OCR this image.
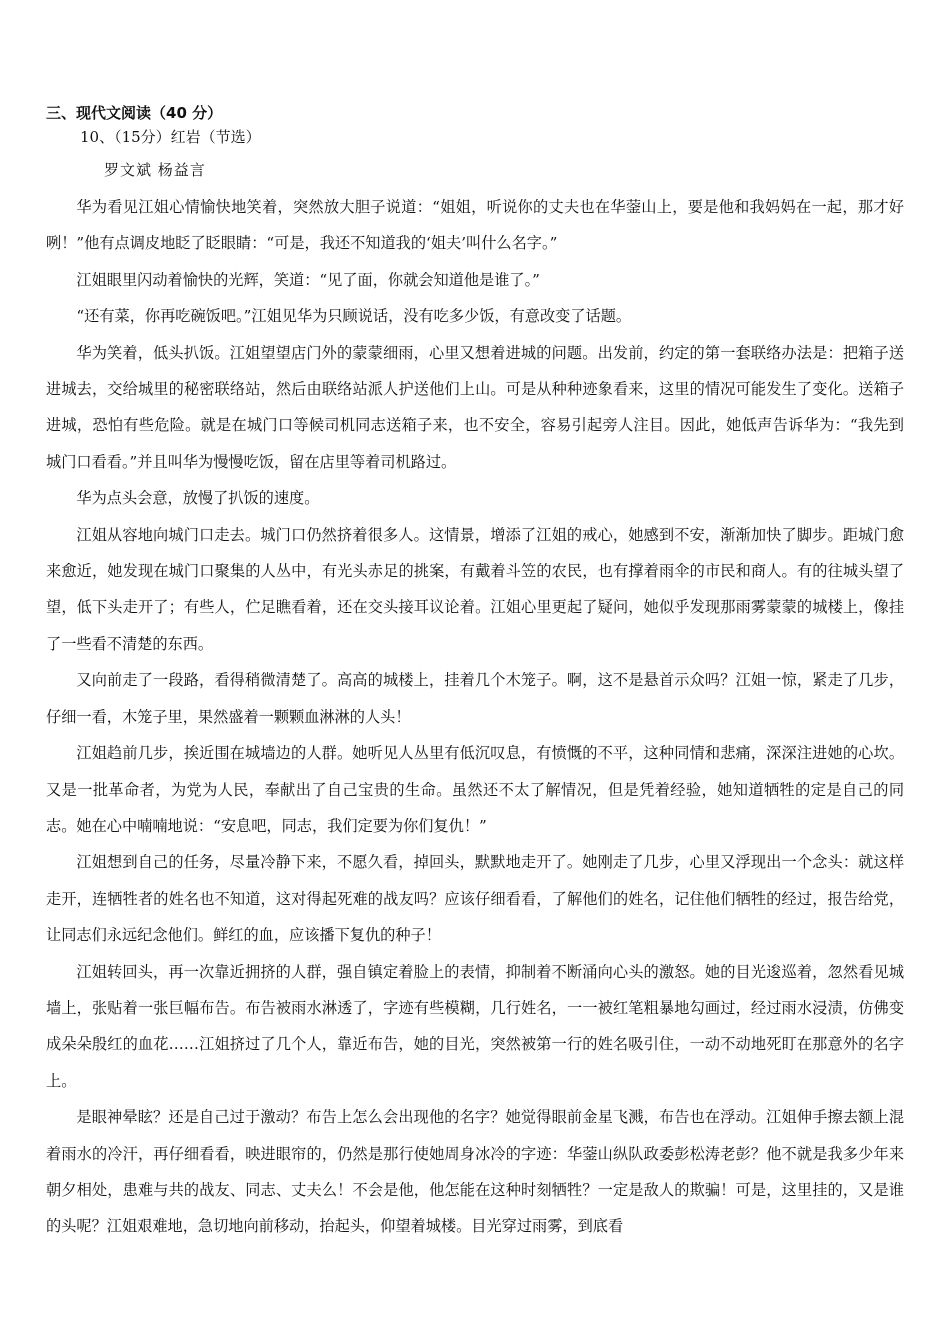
三、现代文阅读（40 分）
10、（15分）红岩（节选）
罗文斌 杨益言

华为看见江姐心情愉快地笑着，突然放大胆子说道：“姐姐，听说你的丈夫也在华蓥山上，要是他和我妈妈在一起，那才好咧！”他有点调皮地眨了眨眼睛：“可是，我还不知道我的‘姐夫’叫什么名字。”

江姐眼里闪动着愉快的光辉，笑道：“见了面，你就会知道他是谁了。”

“还有菜，你再吃碗饭吧。”江姐见华为只顾说话，没有吃多少饭，有意改变了话题。

华为笑着，低头扒饭。江姐望望店门外的蒙蒙细雨，心里又想着进城的问题。出发前，约定的第一套联络办法是：把箱子送进城去，交给城里的秘密联络站，然后由联络站派人护送他们上山。可是从种种迹象看来，这里的情况可能发生了变化。送箱子进城，恐怕有些危险。就是在城门口等候司机同志送箱子来，也不安全，容易引起旁人注目。因此，她低声告诉华为：“我先到城门口看看。”并且叫华为慢慢吃饭，留在店里等着司机路过。

华为点头会意，放慢了扒饭的速度。

江姐从容地向城门口走去。城门口仍然挤着很多人。这情景，增添了江姐的戒心，她感到不安，渐渐加快了脚步。距城门愈来愈近，她发现在城门口聚集的人丛中，有光头赤足的挑案，有戴着斗笠的农民，也有撑着雨伞的市民和商人。有的往城头望了望，低下头走开了；有些人，伫足瞧看着，还在交头接耳议论着。江姐心里更起了疑问，她似乎发现那雨雾蒙蒙的城楼上，像挂了一些看不清楚的东西。

又向前走了一段路，看得稍微清楚了。高高的城楼上，挂着几个木笼子。啊，这不是悬首示众吗？江姐一惊，紧走了几步，仔细一看，木笼子里，果然盛着一颗颗血淋淋的人头！

江姐趋前几步，挨近围在城墙边的人群。她听见人丛里有低沉叹息，有愤慨的不平，这种同情和悲痛，深深注进她的心坎。又是一批革命者，为党为人民，奉献出了自己宝贵的生命。虽然还不太了解情况，但是凭着经验，她知道牺牲的定是自己的同志。她在心中喃喃地说：“安息吧，同志，我们定要为你们复仇！”

江姐想到自己的任务，尽量冷静下来，不愿久看，掉回头，默默地走开了。她刚走了几步，心里又浮现出一个念头：就这样走开，连牺牲者的姓名也不知道，这对得起死难的战友吗？应该仔细看看，了解他们的姓名，记住他们牺牲的经过，报告给党，让同志们永远纪念他们。鲜红的血，应该播下复仇的种子！

江姐转回头，再一次靠近拥挤的人群，强自镇定着脸上的表情，抑制着不断涌向心头的激怒。她的目光逡巡着，忽然看见城墙上，张贴着一张巨幅布告。布告被雨水淋透了，字迹有些模糊，几行姓名，一一被红笔粗暴地勾画过，经过雨水浸渍，仿佛变成朵朵殷红的血花……江姐挤过了几个人，靠近布告，她的目光，突然被第一行的姓名吸引住，一动不动地死盯在那意外的名字上。

是眼神晕眩？还是自己过于激动？布告上怎么会出现他的名字？她觉得眼前金星飞溅，布告也在浮动。江姐伸手擦去额上混着雨水的冷汗，再仔细看看，映进眼帘的，仍然是那行使她周身冰冷的字迹：华蓥山纵队政委彭松涛老彭？他不就是我多少年来朝夕相处，患难与共的战友、同志、丈夫么！不会是他，他怎能在这种时刻牺牲？一定是敌人的欺骗！可是，这里挂的，又是谁的头呢？江姐艰难地，急切地向前移动，抬起头，仰望着城楼。目光穿过雨雾，到底看
